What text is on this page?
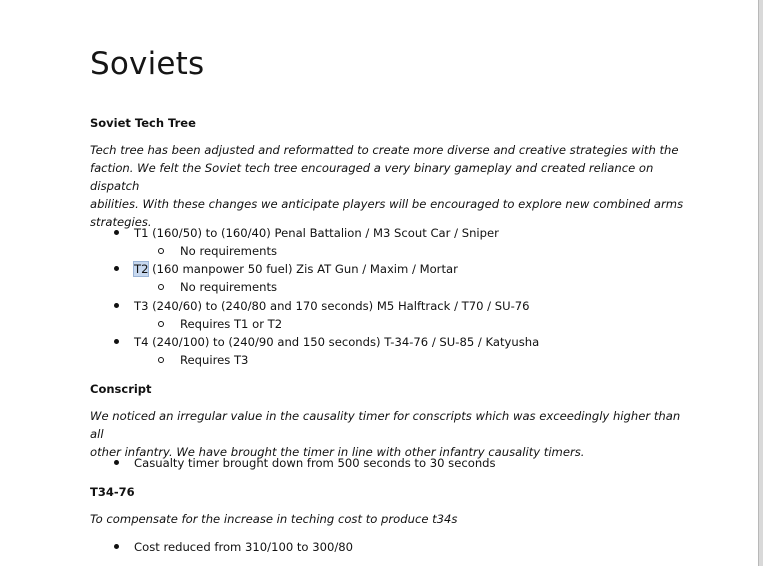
Soviets
Soviet Tech Tree
Tech tree has been adjusted and reformatted to create more diverse and creative strategies with the
faction. We felt the Soviet tech tree encouraged a very binary gameplay and created reliance on dispatch
abilities. With these changes we anticipate players will be encouraged to explore new combined arms
strategies.
T1 (160/50) to (160/40) Penal Battalion / M3 Scout Car / Sniper
No requirements
T2 (160 manpower 50 fuel) Zis AT Gun / Maxim / Mortar
No requirements
T3 (240/60) to (240/80 and 170 seconds) M5 Halftrack / T70 / SU-76
Requires T1 or T2
T4 (240/100) to (240/90 and 150 seconds) T-34-76 / SU-85 / Katyusha
Requires T3
Conscript
We noticed an irregular value in the causality timer for conscripts which was exceedingly higher than all
other infantry. We have brought the timer in line with other infantry causality timers.
Casualty timer brought down from 500 seconds to 30 seconds
T34-76
To compensate for the increase in teching cost to produce t34s
Cost reduced from 310/100 to 300/80
